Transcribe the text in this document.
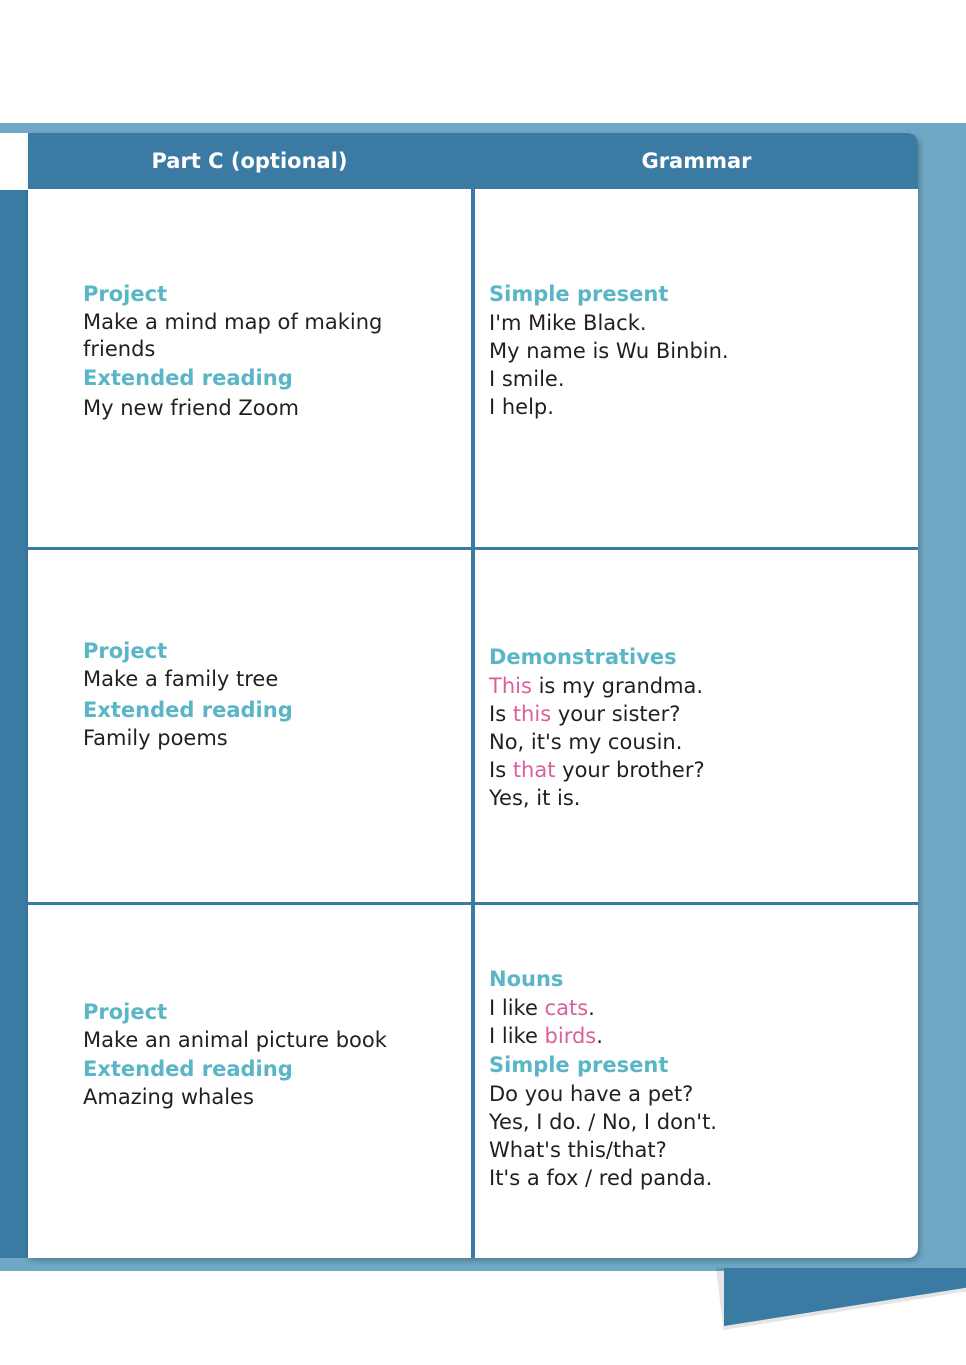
Part C (optional)	Grammar
Project
Make a mind map of making
friends
Extended reading
My new friend Zoom
Simple present
I'm Mike Black.
My name is Wu Binbin.
I smile.
I help.
Project
Make a family tree
Extended reading
Family poems
Demonstratives
This is my grandma.
Is this your sister?
No, it's my cousin.
Is that your brother?
Yes, it is.
Project
Make an animal picture book
Extended reading
Amazing whales
Nouns
I like cats.
I like birds.
Simple present
Do you have a pet?
Yes, I do. / No, I don't.
What's this/that?
It's a fox / red panda.
